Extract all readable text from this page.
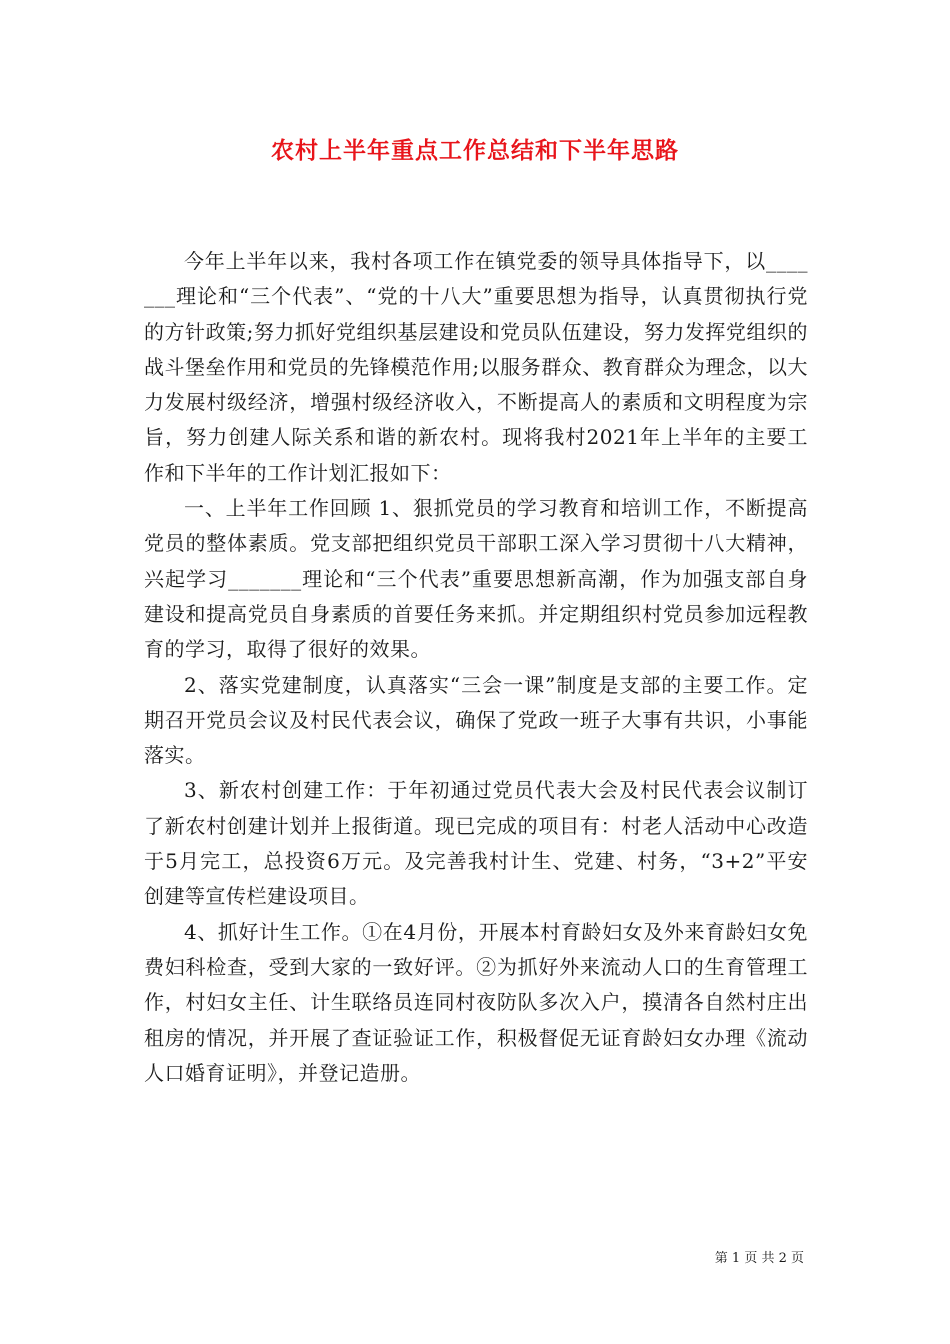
农村上半年重点工作总结和下半年思路

今年上半年以来，我村各项工作在镇党委的领导具体指导下，以_______理论和“三个代表”、“党的十八大”重要思想为指导，认真贯彻执行党的方针政策;努力抓好党组织基层建设和党员队伍建设，努力发挥党组织的战斗堡垒作用和党员的先锋模范作用;以服务群众、教育群众为理念，以大力发展村级经济，增强村级经济收入，不断提高人的素质和文明程度为宗旨，努力创建人际关系和谐的新农村。现将我村2021年上半年的主要工作和下半年的工作计划汇报如下：

一、上半年工作回顾 1、狠抓党员的学习教育和培训工作，不断提高党员的整体素质。党支部把组织党员干部职工深入学习贯彻十八大精神，兴起学习_______理论和“三个代表”重要思想新高潮，作为加强支部自身建设和提高党员自身素质的首要任务来抓。并定期组织村党员参加远程教育的学习，取得了很好的效果。

2、落实党建制度，认真落实“三会一课”制度是支部的主要工作。定期召开党员会议及村民代表会议，确保了党政一班子大事有共识，小事能落实。

3、新农村创建工作：于年初通过党员代表大会及村民代表会议制订了新农村创建计划并上报街道。现已完成的项目有：村老人活动中心改造于5月完工，总投资6万元。及完善我村计生、党建、村务，“3+2”平安创建等宣传栏建设项目。

4、抓好计生工作。①在4月份，开展本村育龄妇女及外来育龄妇女免费妇科检查，受到大家的一致好评。②为抓好外来流动人口的生育管理工作，村妇女主任、计生联络员连同村夜防队多次入户，摸清各自然村庄出租房的情况，并开展了查证验证工作，积极督促无证育龄妇女办理《流动人口婚育证明》，并登记造册。

第 1 页 共 2 页
